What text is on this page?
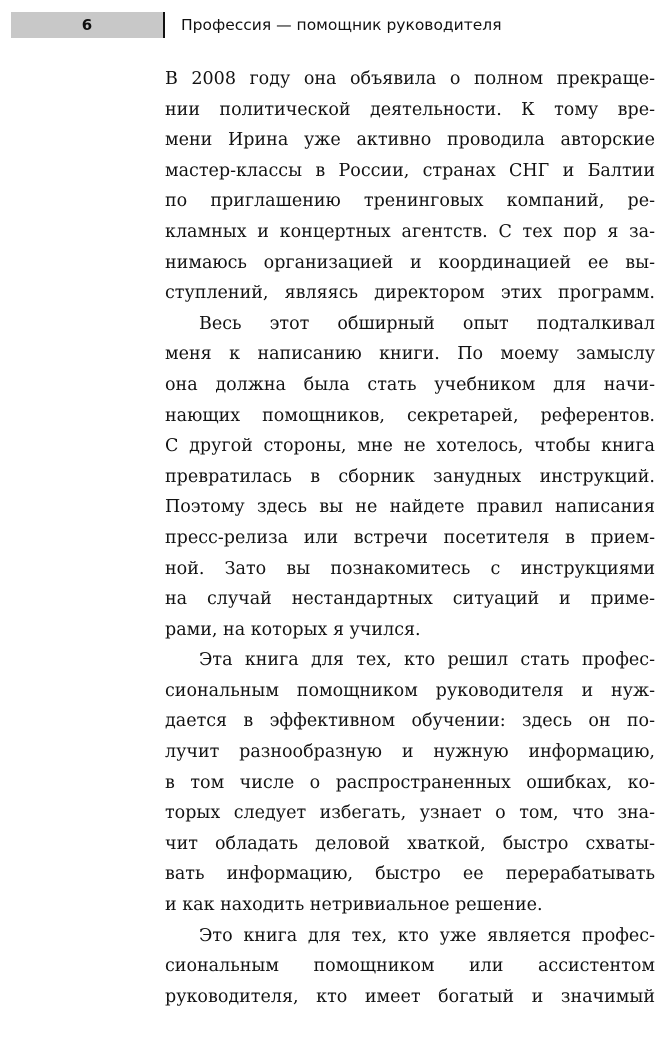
6	Профессия — помощник руководителя
В 2008 году она объявила о полном прекраще-
нии политической деятельности. К тому вре-
мени Ирина уже активно проводила авторские
мастер-классы в России, странах СНГ и Балтии
по приглашению тренинговых компаний, ре-
кламных и концертных агентств. С тех пор я за-
нимаюсь организацией и координацией ее вы-
ступлений, являясь директором этих программ.
Весь этот обширный опыт подталкивал
меня к написанию книги. По моему замыслу
она должна была стать учебником для начи-
нающих помощников, секретарей, референтов.
С другой стороны, мне не хотелось, чтобы книга
превратилась в сборник занудных инструкций.
Поэтому здесь вы не найдете правил написания
пресс-релиза или встречи посетителя в прием-
ной. Зато вы познакомитесь с инструкциями
на случай нестандартных ситуаций и приме-
рами, на которых я учился.
Эта книга для тех, кто решил стать профес-
сиональным помощником руководителя и нуж-
дается в эффективном обучении: здесь он по-
лучит разнообразную и нужную информацию,
в том числе о распространенных ошибках, ко-
торых следует избегать, узнает о том, что зна-
чит обладать деловой хваткой, быстро схваты-
вать информацию, быстро ее перерабатывать
и как находить нетривиальное решение.
Это книга для тех, кто уже является профес-
сиональным помощником или ассистентом
руководителя, кто имеет богатый и значимый
